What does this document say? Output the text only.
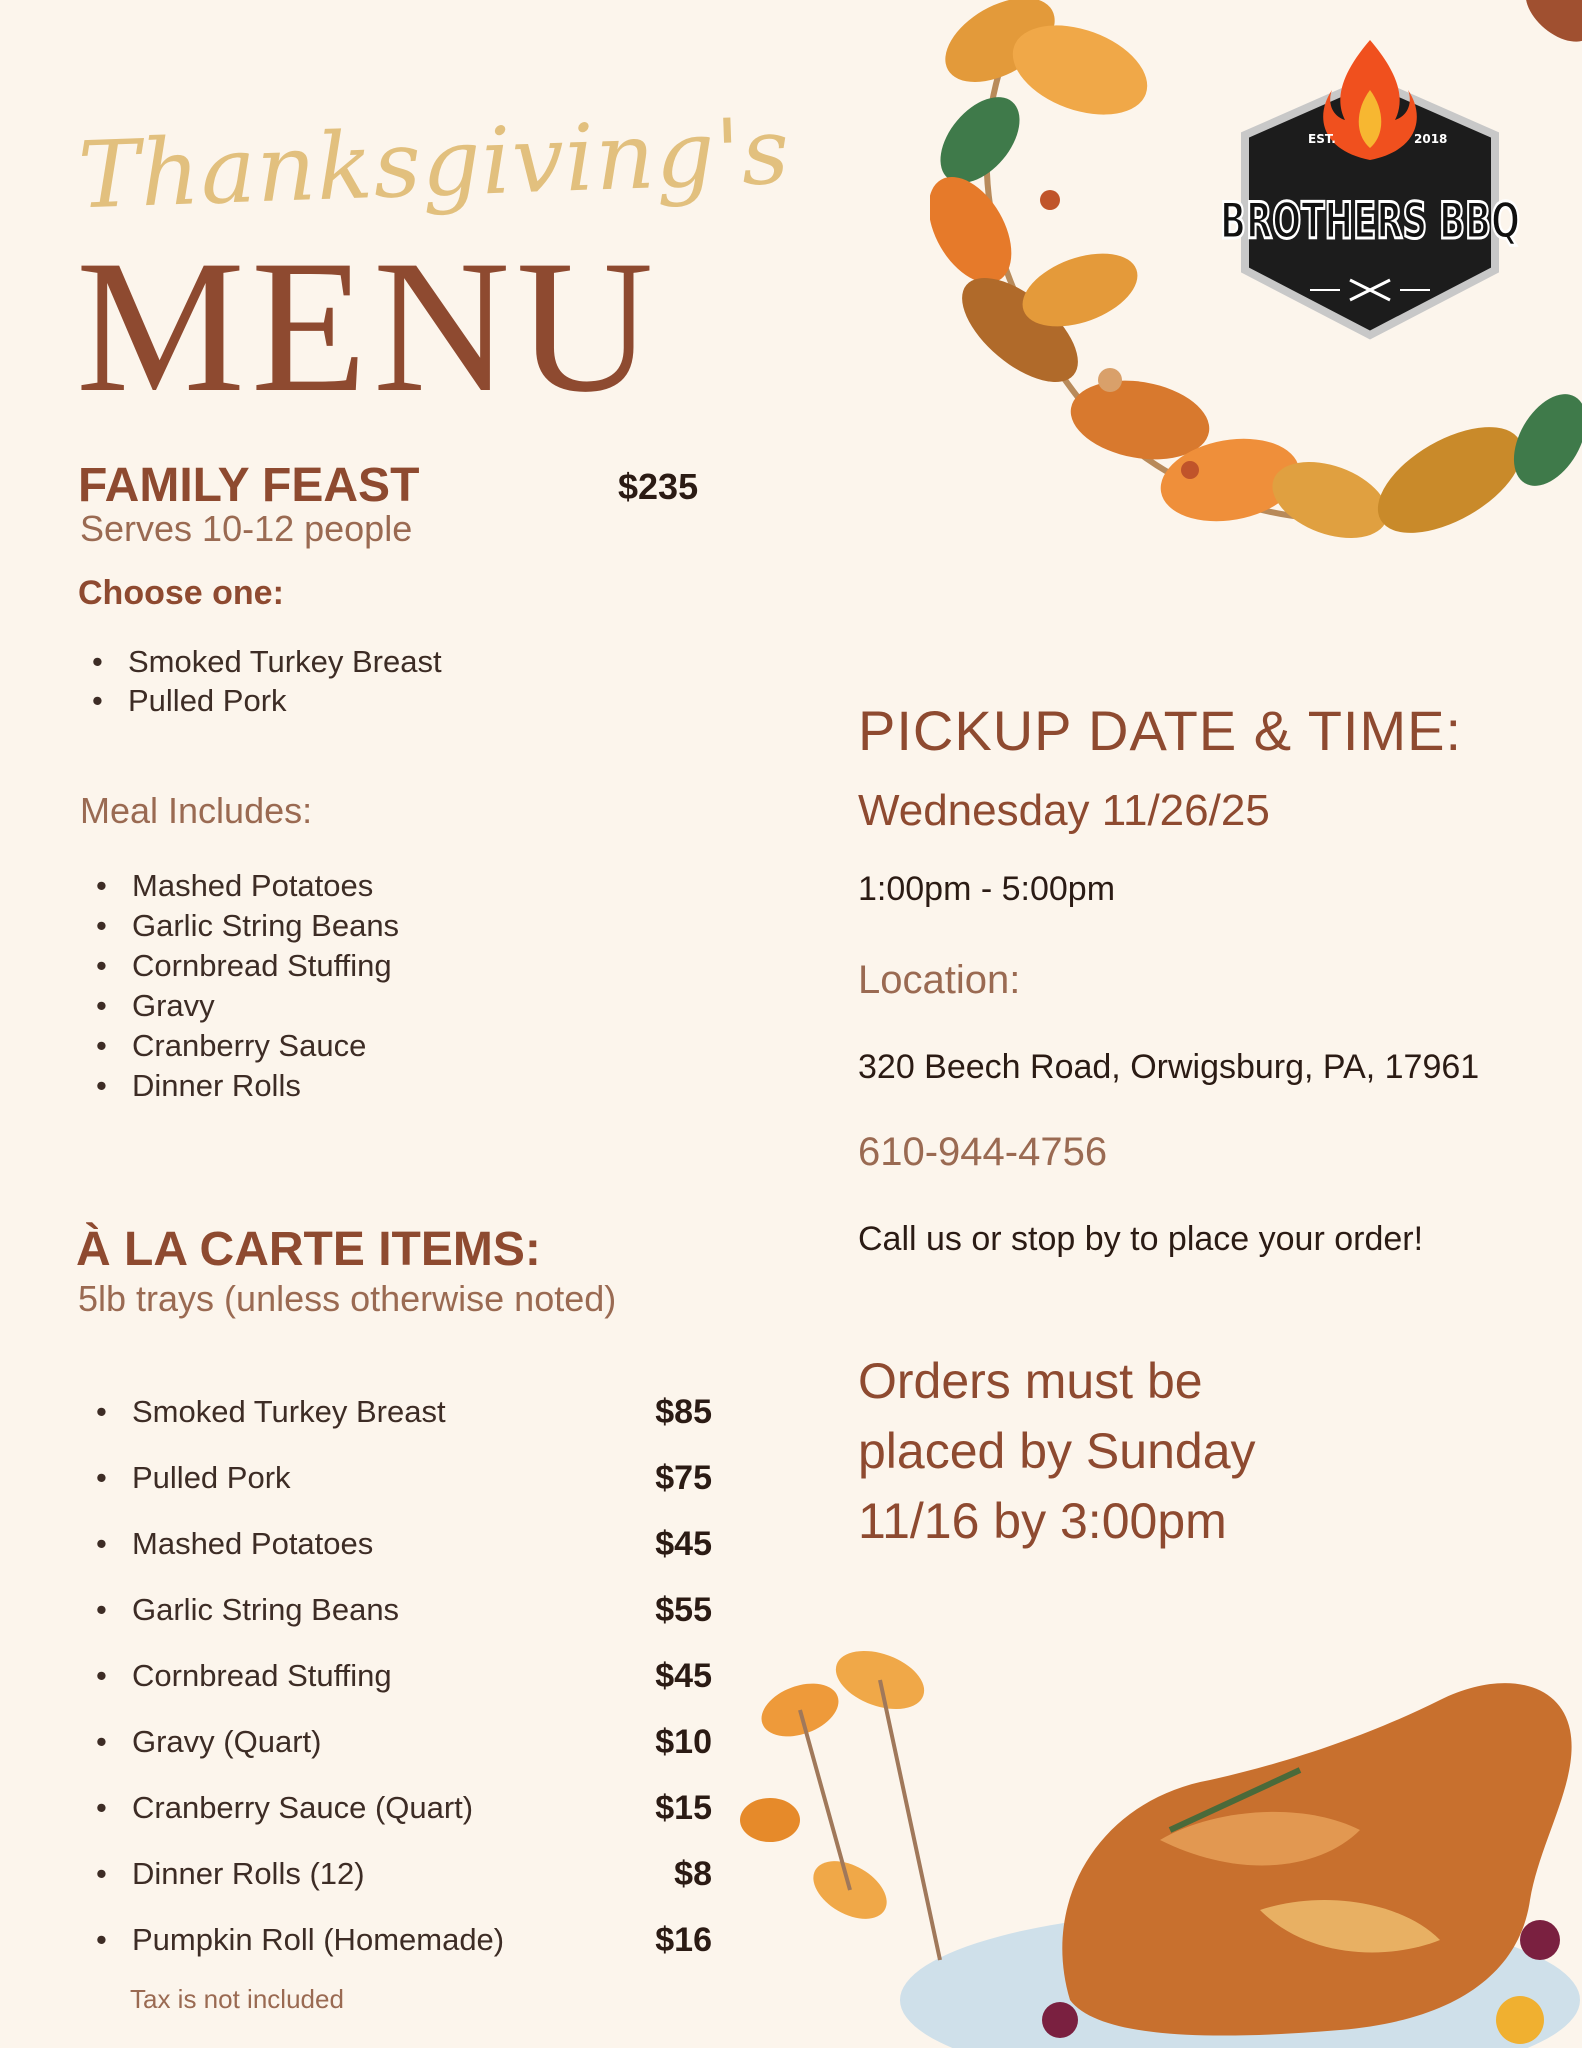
EST.	2018
BROTHERS BBQ
Thanksgiving's
MENU
FAMILY FEAST	$235
Serves 10-12 people
Choose one:
• Smoked Turkey Breast
• Pulled Pork
Meal Includes:
• Mashed Potatoes
• Garlic String Beans
• Cornbread Stuffing
• Gravy
• Cranberry Sauce
• Dinner Rolls
À LA CARTE ITEMS:
5lb trays (unless otherwise noted)
• Smoked Turkey Breast	$85
• Pulled Pork	$75
• Mashed Potatoes	$45
• Garlic String Beans	$55
• Cornbread Stuffing	$45
• Gravy (Quart)	$10
• Cranberry Sauce (Quart)	$15
• Dinner Rolls (12)	$8
• Pumpkin Roll (Homemade)	$16
Tax is not included
PICKUP DATE & TIME:
Wednesday 11/26/25
1:00pm - 5:00pm
Location:
320 Beech Road, Orwigsburg, PA, 17961
610-944-4756
Call us or stop by to place your order!
Orders must be placed by Sunday 11/16 by 3:00pm
